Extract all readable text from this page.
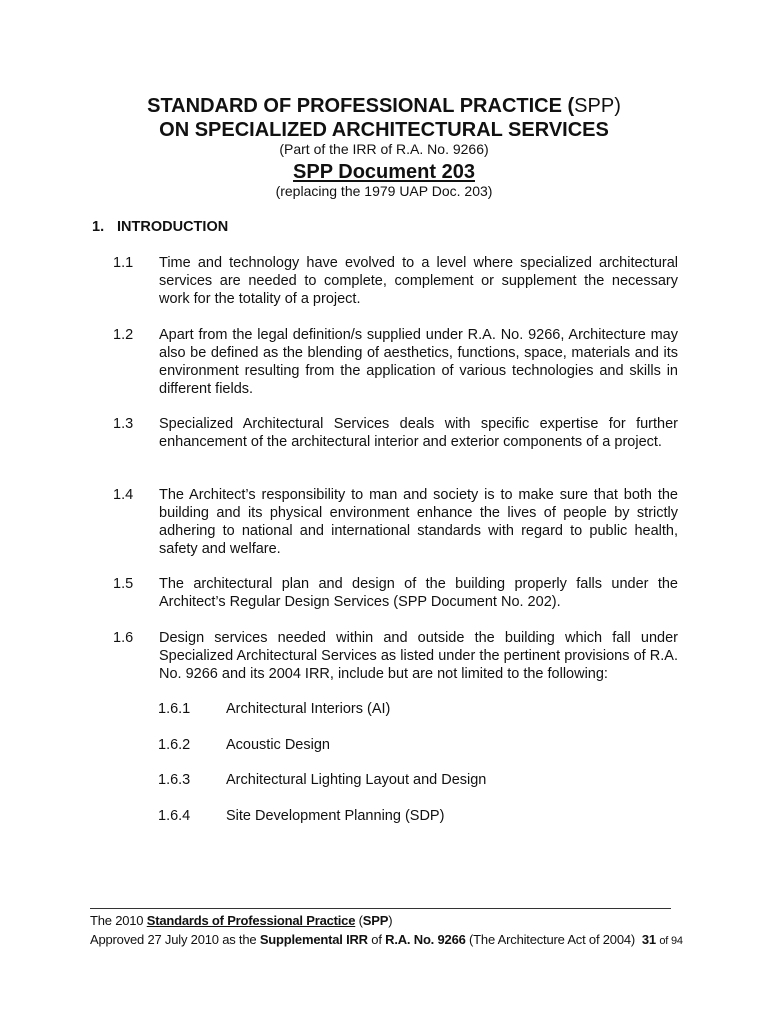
STANDARD OF PROFESSIONAL PRACTICE (SPP)
ON SPECIALIZED ARCHITECTURAL SERVICES
(Part of the IRR of R.A. No. 9266)
SPP Document 203
(replacing the 1979 UAP Doc. 203)
1. INTRODUCTION
1.1 Time and technology have evolved to a level where specialized architectural services are needed to complete, complement or supplement the necessary work for the totality of a project.
1.2 Apart from the legal definition/s supplied under R.A. No. 9266, Architecture may also be defined as the blending of aesthetics, functions, space, materials and its environment resulting from the application of various technologies and skills in different fields.
1.3 Specialized Architectural Services deals with specific expertise for further enhancement of the architectural interior and exterior components of a project.
1.4 The Architect’s responsibility to man and society is to make sure that both the building and its physical environment enhance the lives of people by strictly adhering to national and international standards with regard to public health, safety and welfare.
1.5 The architectural plan and design of the building properly falls under the Architect’s Regular Design Services (SPP Document No. 202).
1.6 Design services needed within and outside the building which fall under Specialized Architectural Services as listed under the pertinent provisions of R.A. No. 9266 and its 2004 IRR, include but are not limited to the following:
1.6.1 Architectural Interiors (AI)
1.6.2 Acoustic Design
1.6.3 Architectural Lighting Layout and Design
1.6.4 Site Development Planning (SDP)
The 2010 Standards of Professional Practice (SPP)
Approved 27 July 2010 as the Supplemental IRR of R.A. No. 9266 (The Architecture Act of 2004) 31 of 94
